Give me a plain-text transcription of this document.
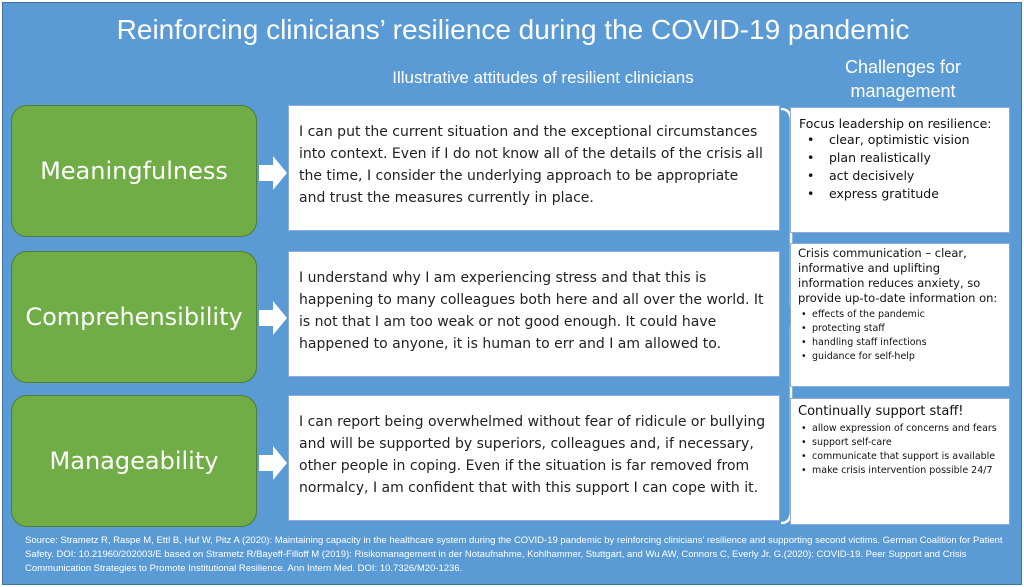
Reinforcing clinicians’ resilience during the COVID-19 pandemic
Illustrative attitudes of resilient clinicians
Challenges for management
Meaningfulness

I can put the current situation and the exceptional circumstances into context. Even if I do not know all of the details of the crisis all the time, I consider the underlying approach to be appropriate and trust the measures currently in place.

Comprehensibility

I understand why I am experiencing stress and that this is happening to many colleagues both here and all over the world. It is not that I am too weak or not good enough. It could have happened to anyone, it is human to err and I am allowed to.

Manageability

I can report being overwhelmed without fear of ridicule or bullying and will be supported by superiors, colleagues and, if necessary, other people in coping. Even if the situation is far removed from normalcy, I am confident that with this support I can cope with it.

Focus leadership on resilience:
• clear, optimistic vision
• plan realistically
• act decisively
• express gratitude
Crisis communication – clear, informative and uplifting information reduces anxiety, so provide up-to-date information on:
• effects of the pandemic
• protecting staff
• handling staff infections
• guidance for self-help
Continually support staff!
• allow expression of concerns and fears
• support self-care
• communicate that support is available
• make crisis intervention possible 24/7
Source: Strametz R, Raspe M, Ettl B, Huf W, Pitz A (2020): Maintaining capacity in the healthcare system during the COVID-19 pandemic by reinforcing clinicians’ resilience and supporting second victims. German Coalition for Patient Safety. DOI: 10.21960/202003/E based on Strametz R/Bayeff-Filloff M (2019): Risikomanagement in der Notaufnahme, Kohlhammer, Stuttgart, and Wu AW, Connors C, Everly Jr. G.(2020): COVID-19. Peer Support and Crisis Communication Strategies to Promote Institutional Resilience. Ann Intern Med. DOI: 10.7326/M20-1236.
